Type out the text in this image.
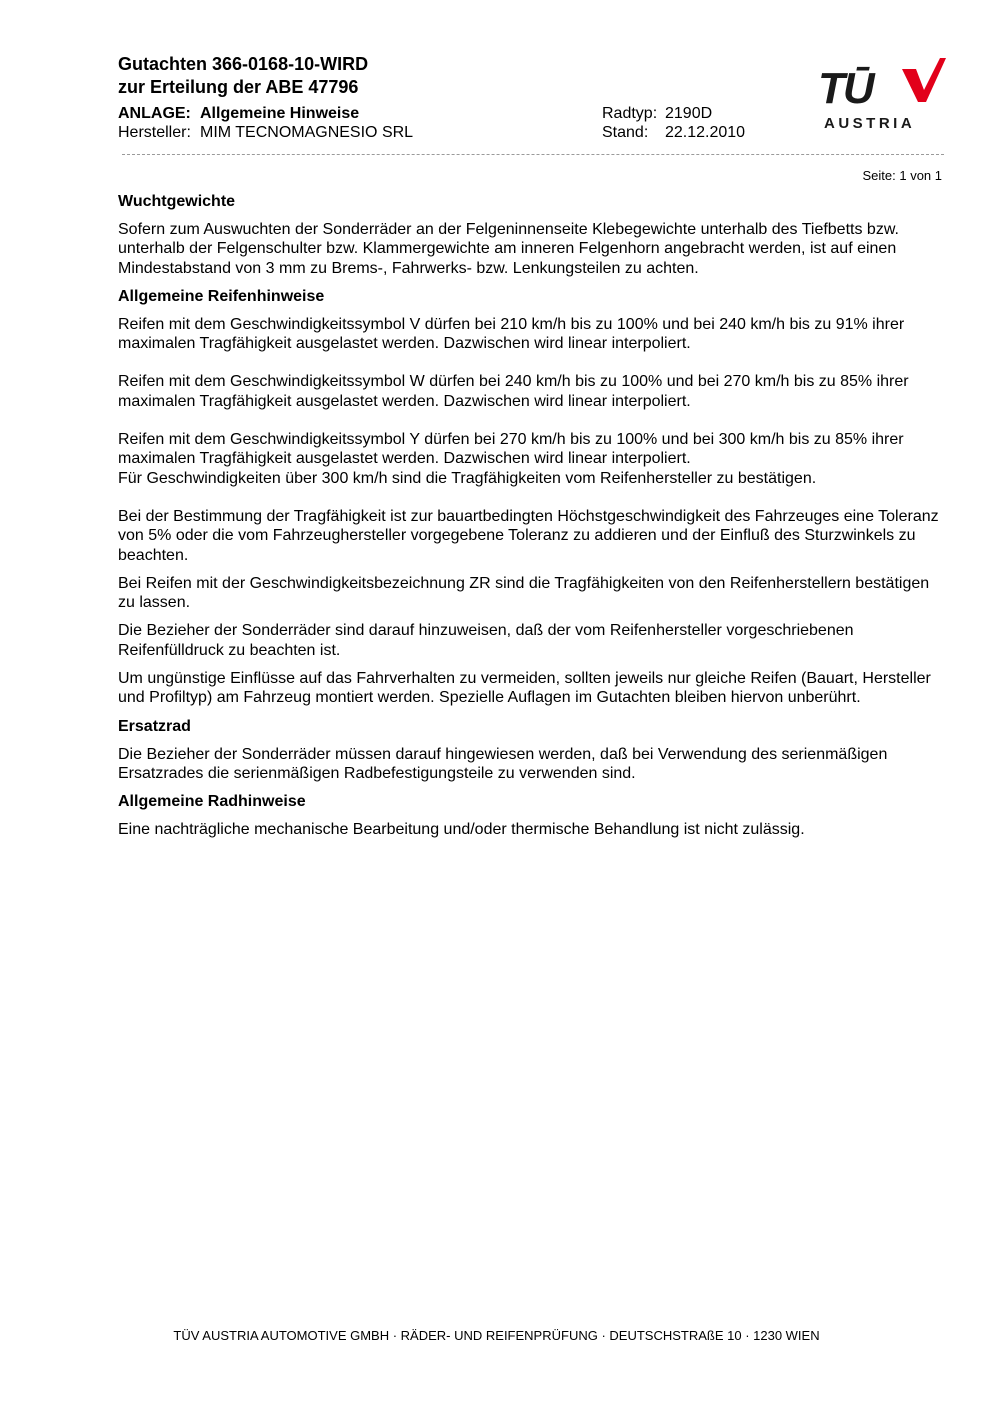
Gutachten 366-0168-10-WIRD
zur Erteilung der ABE 47796
ANLAGE: Allgemeine Hinweise
Hersteller: MIM TECNOMAGNESIO SRL
Radtyp: 2190D
Stand: 22.12.2010
TŪ
AUSTRIA
Seite: 1 von 1
Wuchtgewichte

Sofern zum Auswuchten der Sonderräder an der Felgeninnenseite Klebegewichte unterhalb des Tiefbetts bzw. unterhalb der Felgenschulter bzw. Klammergewichte am inneren Felgenhorn angebracht werden, ist auf einen Mindestabstand von 3 mm zu Brems-, Fahrwerks- bzw. Lenkungsteilen zu achten.

Allgemeine Reifenhinweise

Reifen mit dem Geschwindigkeitssymbol V dürfen bei 210 km/h bis zu 100% und bei 240 km/h bis zu 91% ihrer maximalen Tragfähigkeit ausgelastet werden. Dazwischen wird linear interpoliert.

Reifen mit dem Geschwindigkeitssymbol W dürfen bei 240 km/h bis zu 100% und bei 270 km/h bis zu 85% ihrer maximalen Tragfähigkeit ausgelastet werden. Dazwischen wird linear interpoliert.

Reifen mit dem Geschwindigkeitssymbol Y dürfen bei 270 km/h bis zu 100% und bei 300 km/h bis zu 85% ihrer maximalen Tragfähigkeit ausgelastet werden. Dazwischen wird linear interpoliert.

Für Geschwindigkeiten über 300 km/h sind die Tragfähigkeiten vom Reifenhersteller zu bestätigen.

Bei der Bestimmung der Tragfähigkeit ist zur bauartbedingten Höchstgeschwindigkeit des Fahrzeuges eine Toleranz von 5% oder die vom Fahrzeughersteller vorgegebene Toleranz zu addieren und der Einfluß des Sturzwinkels zu beachten.

Bei Reifen mit der Geschwindigkeitsbezeichnung ZR sind die Tragfähigkeiten von den Reifenherstellern bestätigen zu lassen.

Die Bezieher der Sonderräder sind darauf hinzuweisen, daß der vom Reifenhersteller vorgeschriebenen Reifenfülldruck zu beachten ist.

Um ungünstige Einflüsse auf das Fahrverhalten zu vermeiden, sollten jeweils nur gleiche Reifen (Bauart, Hersteller und Profiltyp) am Fahrzeug montiert werden. Spezielle Auflagen im Gutachten bleiben hiervon unberührt.

Ersatzrad

Die Bezieher der Sonderräder müssen darauf hingewiesen werden, daß bei Verwendung des serienmäßigen Ersatzrades die serienmäßigen Radbefestigungsteile zu verwenden sind.

Allgemeine Radhinweise

Eine nachträgliche mechanische Bearbeitung und/oder thermische Behandlung ist nicht zulässig.

TÜV AUSTRIA AUTOMOTIVE GMBH · RÄDER- UND REIFENPRÜFUNG · DEUTSCHSTRAßE 10 · 1230 WIEN
